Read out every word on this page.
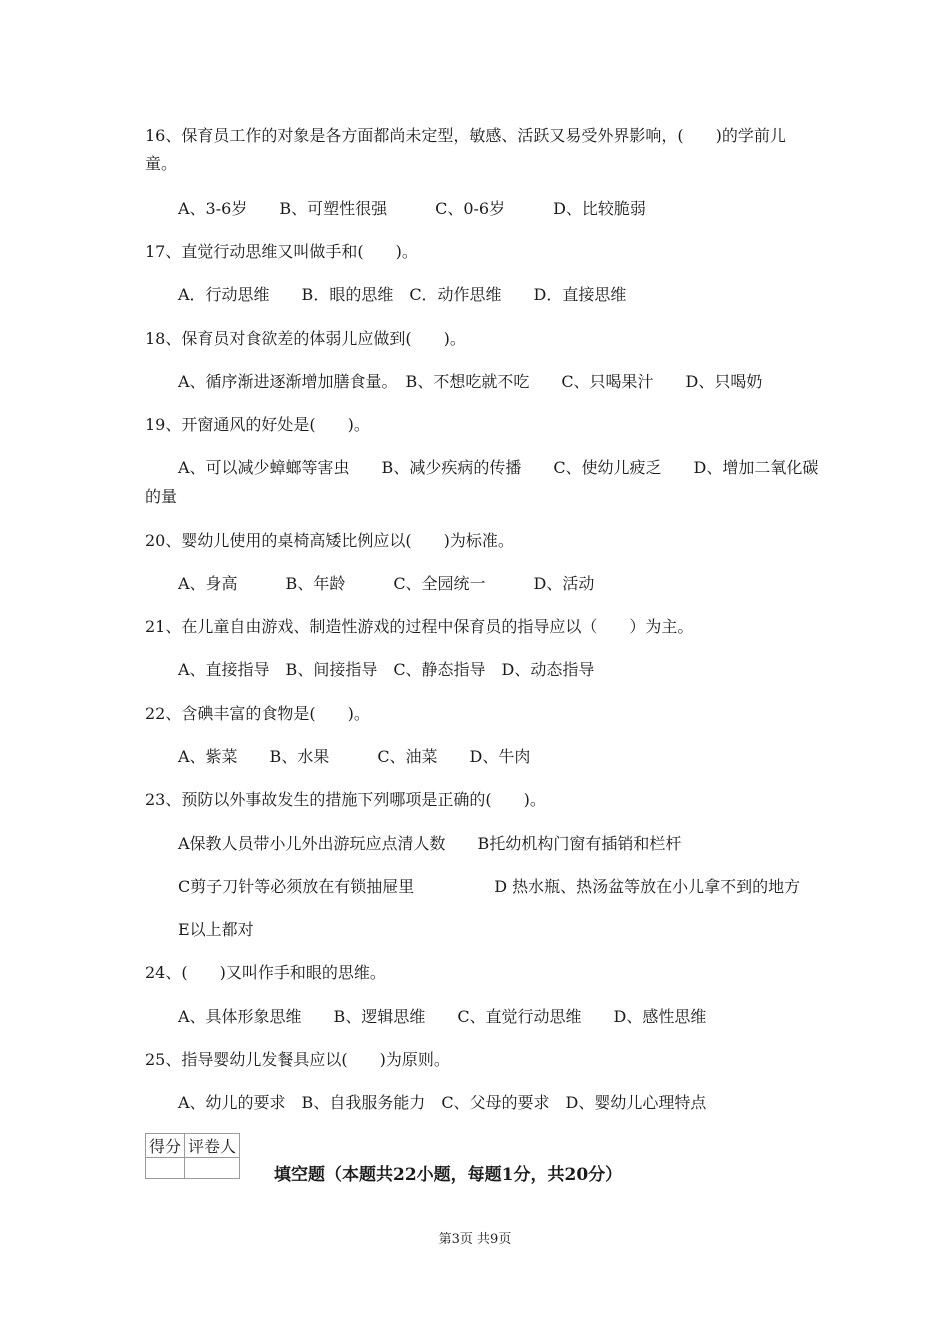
16、保育员工作的对象是各方面都尚未定型，敏感、活跃又易受外界影响，(　　)的学前儿
童。
A、3-6岁　　B、可塑性很强　　　C、0-6岁　　　D、比较脆弱
17、直觉行动思维又叫做手和(　　)。
A．行动思维　　B．眼的思维　C．动作思维　　D．直接思维
18、保育员对食欲差的体弱儿应做到(　　)。
A、循序渐进逐渐增加膳食量。　B、不想吃就不吃　　C、只喝果汁　　D、只喝奶
19、开窗通风的好处是(　　)。
A、可以减少蟑螂等害虫　　B、减少疾病的传播　　C、使幼儿疲乏　　D、增加二氧化碳
的量
20、婴幼儿使用的桌椅高矮比例应以(　　)为标准。
A、身高　　　B、年龄　　　C、全园统一　　　D、活动
21、在儿童自由游戏、制造性游戏的过程中保育员的指导应以（　　）为主。
A、直接指导　B、间接指导　C、静态指导　D、动态指导
22、含碘丰富的食物是(　　)。
A、紫菜　　B、水果　　　C、油菜　　D、牛肉
23、预防以外事故发生的措施下列哪项是正确的(　　)。
A保教人员带小儿外出游玩应点清人数　　B托幼机构门窗有插销和栏杆
C剪子刀针等必须放在有锁抽屉里　　　　　D 热水瓶、热汤盆等放在小儿拿不到的地方
E以上都对
24、(　　)又叫作手和眼的思维。
A、具体形象思维　　B、逻辑思维　　C、直觉行动思维　　D、感性思维
25、指导婴幼儿发餐具应以(　　)为原则。
A、幼儿的要求　B、自我服务能力　C、父母的要求　D、婴幼儿心理特点
得分	评卷人

填空题（本题共22小题，每题1分，共20分）
第3页 共9页
